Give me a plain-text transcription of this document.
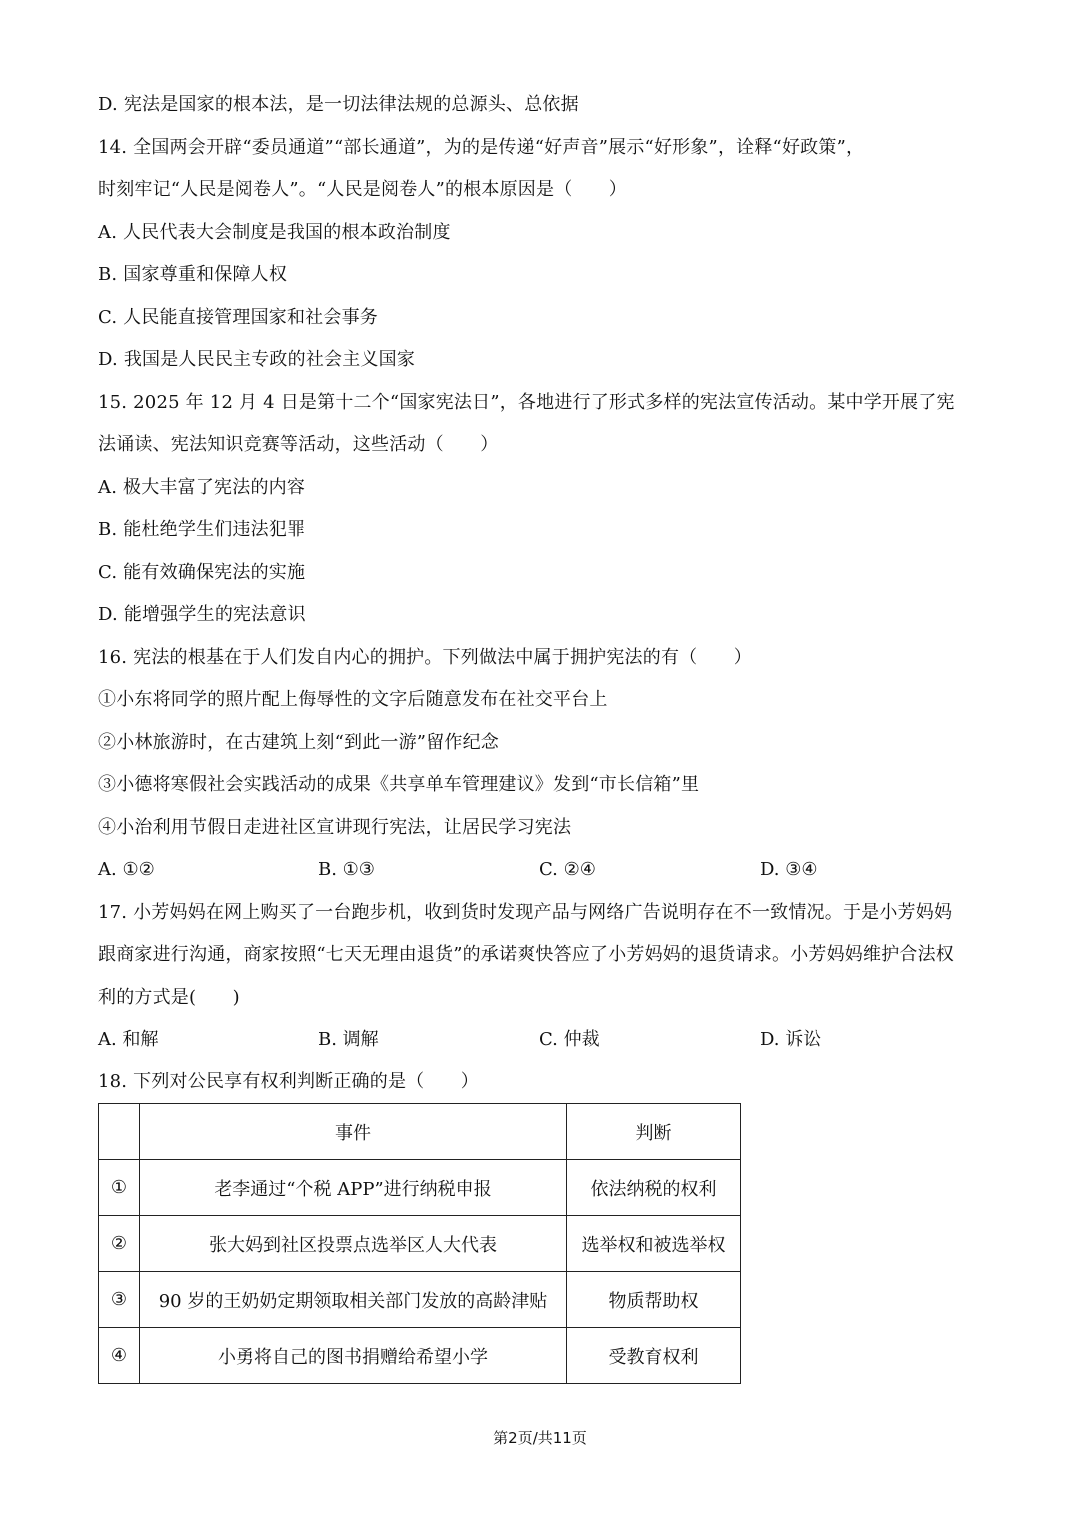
D. 宪法是国家的根本法，是一切法律法规的总源头、总依据
14. 全国两会开辟“委员通道”“部长通道”，为的是传递“好声音”展示“好形象”，诠释“好政策”，
时刻牢记“人民是阅卷人”。“人民是阅卷人”的根本原因是（　　）
A. 人民代表大会制度是我国的根本政治制度
B. 国家尊重和保障人权
C. 人民能直接管理国家和社会事务
D. 我国是人民民主专政的社会主义国家
15. 2025 年 12 月 4 日是第十二个“国家宪法日”，各地进行了形式多样的宪法宣传活动。某中学开展了宪
法诵读、宪法知识竞赛等活动，这些活动（　　）
A. 极大丰富了宪法的内容
B. 能杜绝学生们违法犯罪
C. 能有效确保宪法的实施
D. 能增强学生的宪法意识
16. 宪法的根基在于人们发自内心的拥护。下列做法中属于拥护宪法的有（　　）
①小东将同学的照片配上侮辱性的文字后随意发布在社交平台上
②小林旅游时，在古建筑上刻“到此一游”留作纪念
③小德将寒假社会实践活动的成果《共享单车管理建议》发到“市长信箱”里
④小治利用节假日走进社区宣讲现行宪法，让居民学习宪法
A. ①②	B. ①③	C. ②④	D. ③④
17. 小芳妈妈在网上购买了一台跑步机，收到货时发现产品与网络广告说明存在不一致情况。于是小芳妈妈
跟商家进行沟通，商家按照“七天无理由退货”的承诺爽快答应了小芳妈妈的退货请求。小芳妈妈维护合法权
利的方式是(　　)
A. 和解	B. 调解	C. 仲裁	D. 诉讼
18. 下列对公民享有权利判断正确的是（　　）
	事件	判断
①	老李通过“个税 APP”进行纳税申报	依法纳税的权利
②	张大妈到社区投票点选举区人大代表	选举权和被选举权
③	90 岁的王奶奶定期领取相关部门发放的高龄津贴	物质帮助权
④	小勇将自己的图书捐赠给希望小学	受教育权利
第2页/共11页
